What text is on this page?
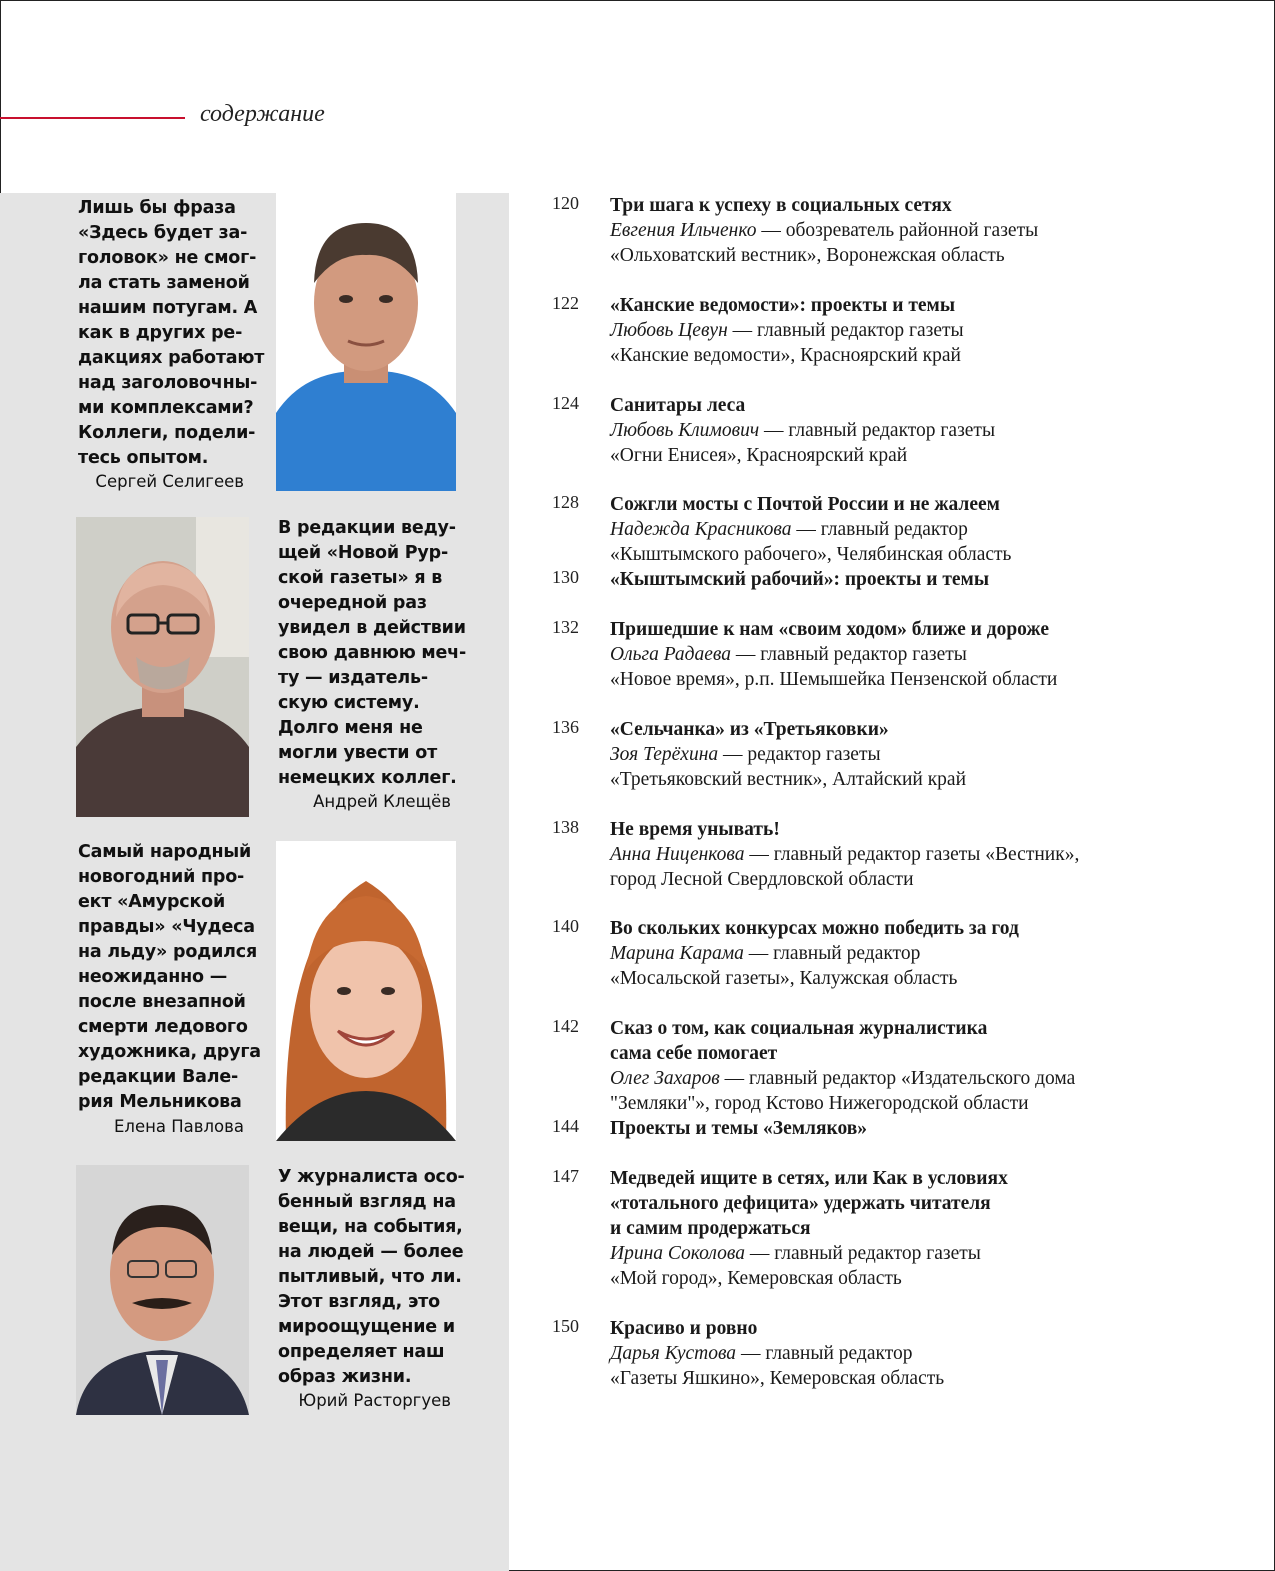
содержание
Лишь бы фраза
«Здесь будет за-
головок» не смог-
ла стать заменой
нашим потугам. А
как в других ре-
дакциях работают
над заголовочны-
ми комплексами?
Коллеги, подели-
тесь опытом.
Сергей Селигеев
В редакции веду-
щей «Новой Рур-
ской газеты» я в
очередной раз
увидел в действии
свою давнюю меч-
ту — издатель-
скую систему.
Долго меня не
могли увести от
немецких коллег.
Андрей Клещёв
Самый народный
новогодний про-
ект «Амурской
правды» «Чудеса
на льду» родился
неожиданно —
после внезапной
смерти ледового
художника, друга
редакции Вале-
рия Мельникова
Елена Павлова
У журналиста осо-
бенный взгляд на
вещи, на события,
на людей — более
пытливый, что ли.
Этот взгляд, это
мироощущение и
определяет наш
образ жизни.
Юрий Расторгуев
120 Три шага к успеху в социальных сетях
Евгения Ильченко — обозреватель районной газеты
«Ольховатский вестник», Воронежская область
122 «Канские ведомости»: проекты и темы
Любовь Цевун — главный редактор газеты
«Канские ведомости», Красноярский край
124 Санитары леса
Любовь Климович — главный редактор газеты
«Огни Енисея», Красноярский край
128 Сожгли мосты с Почтой России и не жалеем
Надежда Красникова — главный редактор
«Кыштымского рабочего», Челябинская область
130 «Кыштымский рабочий»: проекты и темы
132 Пришедшие к нам «своим ходом» ближе и дороже
Ольга Радаева — главный редактор газеты
«Новое время», р.п. Шемышейка Пензенской области
136 «Сельчанка» из «Третьяковки»
Зоя Терёхина — редактор газеты
«Третьяковский вестник», Алтайский край
138 Не время унывать!
Анна Ниценкова — главный редактор газеты «Вестник»,
город Лесной Свердловской области
140 Во скольких конкурсах можно победить за год
Марина Карама — главный редактор
«Мосальской газеты», Калужская область
142 Сказ о том, как социальная журналистика
сама себе помогает
Олег Захаров — главный редактор «Издательского дома
"Земляки"», город Кстово Нижегородской области
144 Проекты и темы «Земляков»
147 Медведей ищите в сетях, или Как в условиях
«тотального дефицита» удержать читателя
и самим продержаться
Ирина Соколова — главный редактор газеты
«Мой город», Кемеровская область
150 Красиво и ровно
Дарья Кустова — главный редактор
«Газеты Яшкино», Кемеровская область
